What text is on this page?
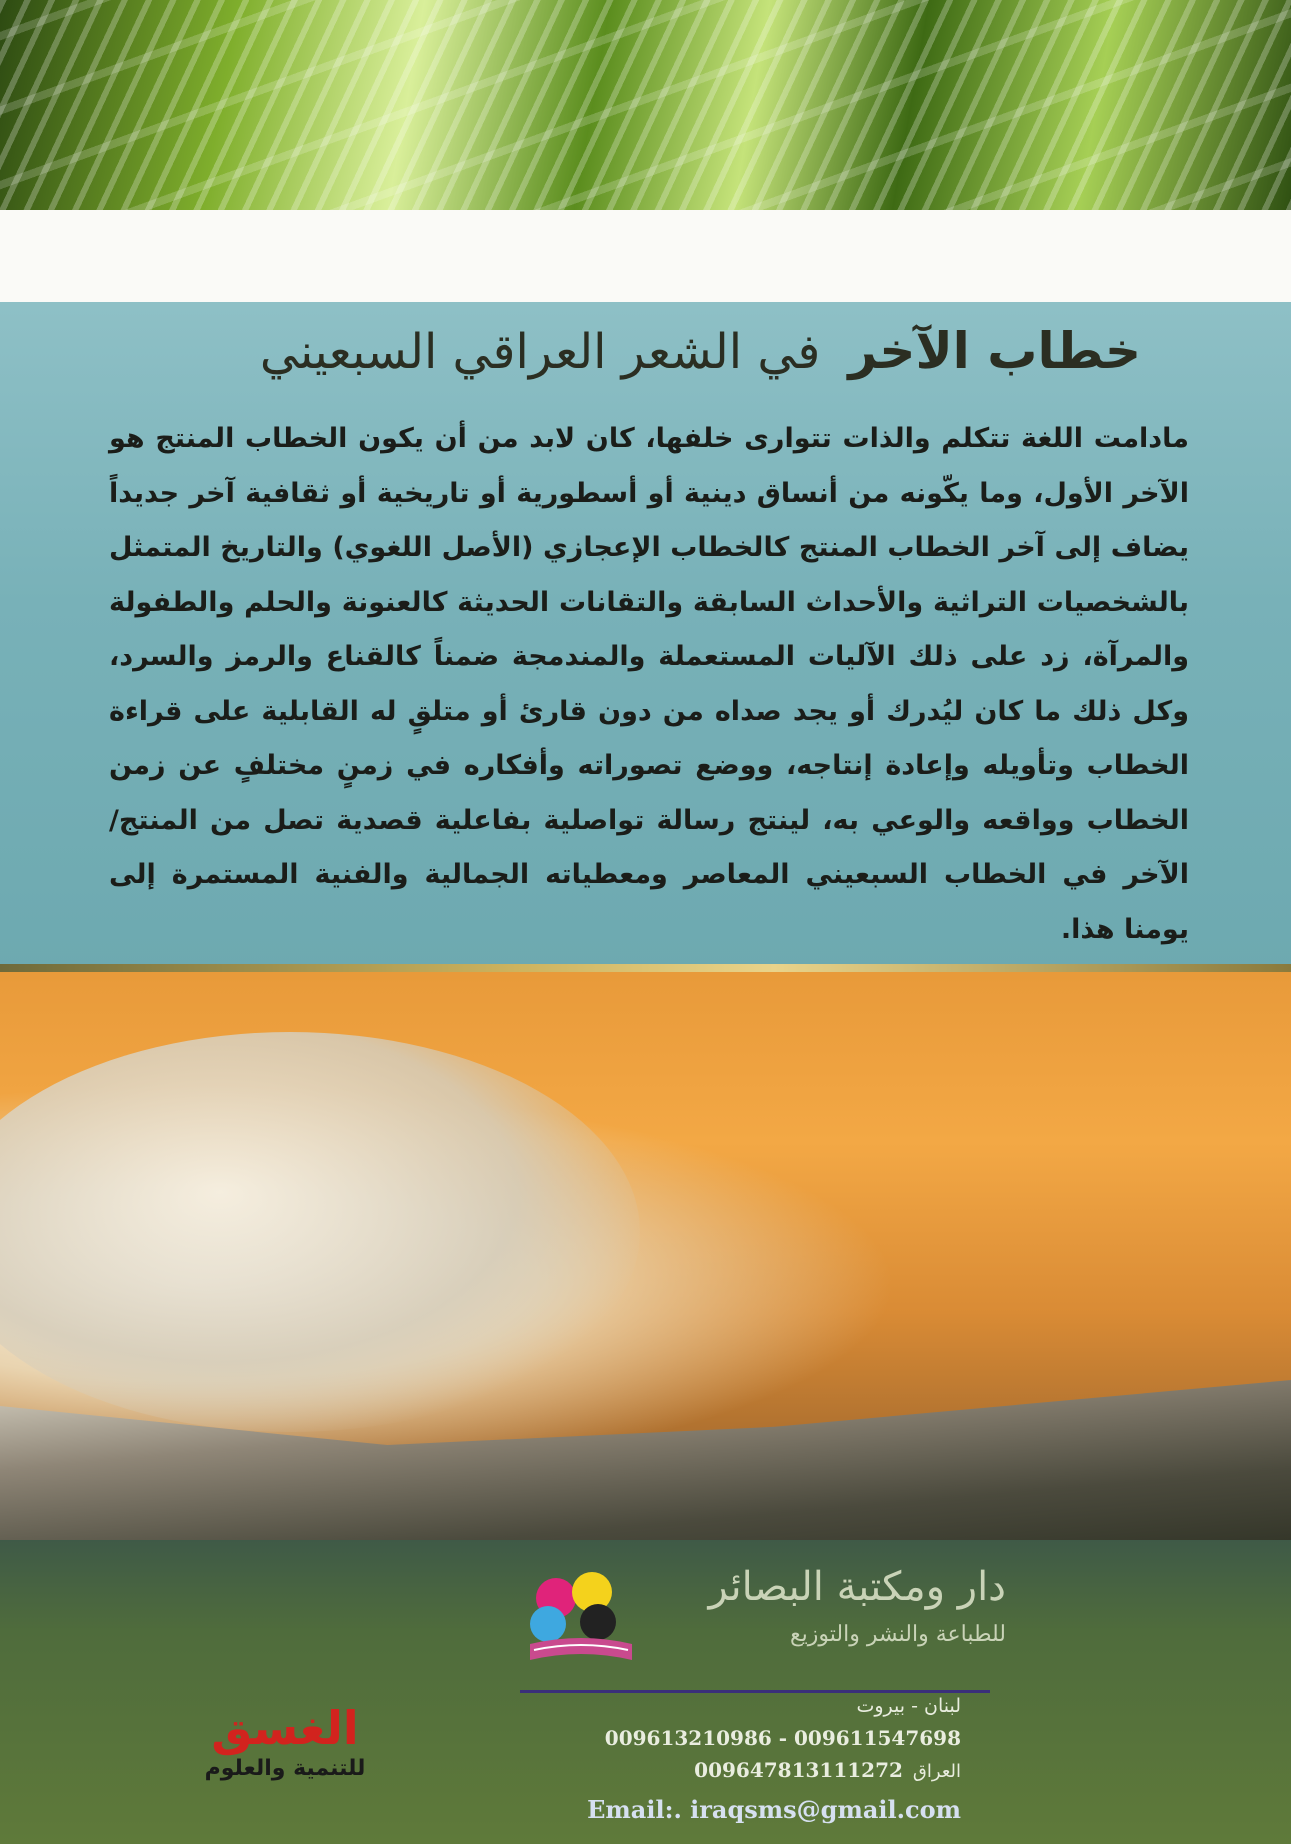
خطاب الآخرفي الشعر العراقي السبعيني
مادامت اللغة تتكلم والذات تتوارى خلفها، كان لابد من أن يكون الخطاب المنتج هو الآخر الأول، وما يكّونه من أنساق دينية أو أسطورية أو تاريخية أو ثقافية آخر جديداً يضاف إلى آخر الخطاب المنتج كالخطاب الإعجازي (الأصل اللغوي) والتاريخ المتمثل بالشخصيات التراثية والأحداث السابقة والتقانات الحديثة كالعنونة والحلم والطفولة والمرآة، زد على ذلك الآليات المستعملة والمندمجة ضمناً كالقناع والرمز والسرد، وكل ذلك ما كان ليُدرك أو يجد صداه من دون قارئ أو متلقٍ له القابلية على قراءة الخطاب وتأويله وإعادة إنتاجه، ووضع تصوراته وأفكاره في زمنٍ مختلفٍ عن زمن الخطاب وواقعه والوعي به، لينتج رسالة تواصلية بفاعلية قصدية تصل من المنتج/الآخر في الخطاب السبعيني المعاصر ومعطياته الجمالية والفنية المستمرة إلى يومنا هذا.
دار ومكتبة البصائر
للطباعة والنشر والتوزيع
لبنان - بيروت
009613210986 - 009611547698
009647813111272 العراق
Email:. iraqsms@gmail.com
الغسق
للتنمية والعلوم
